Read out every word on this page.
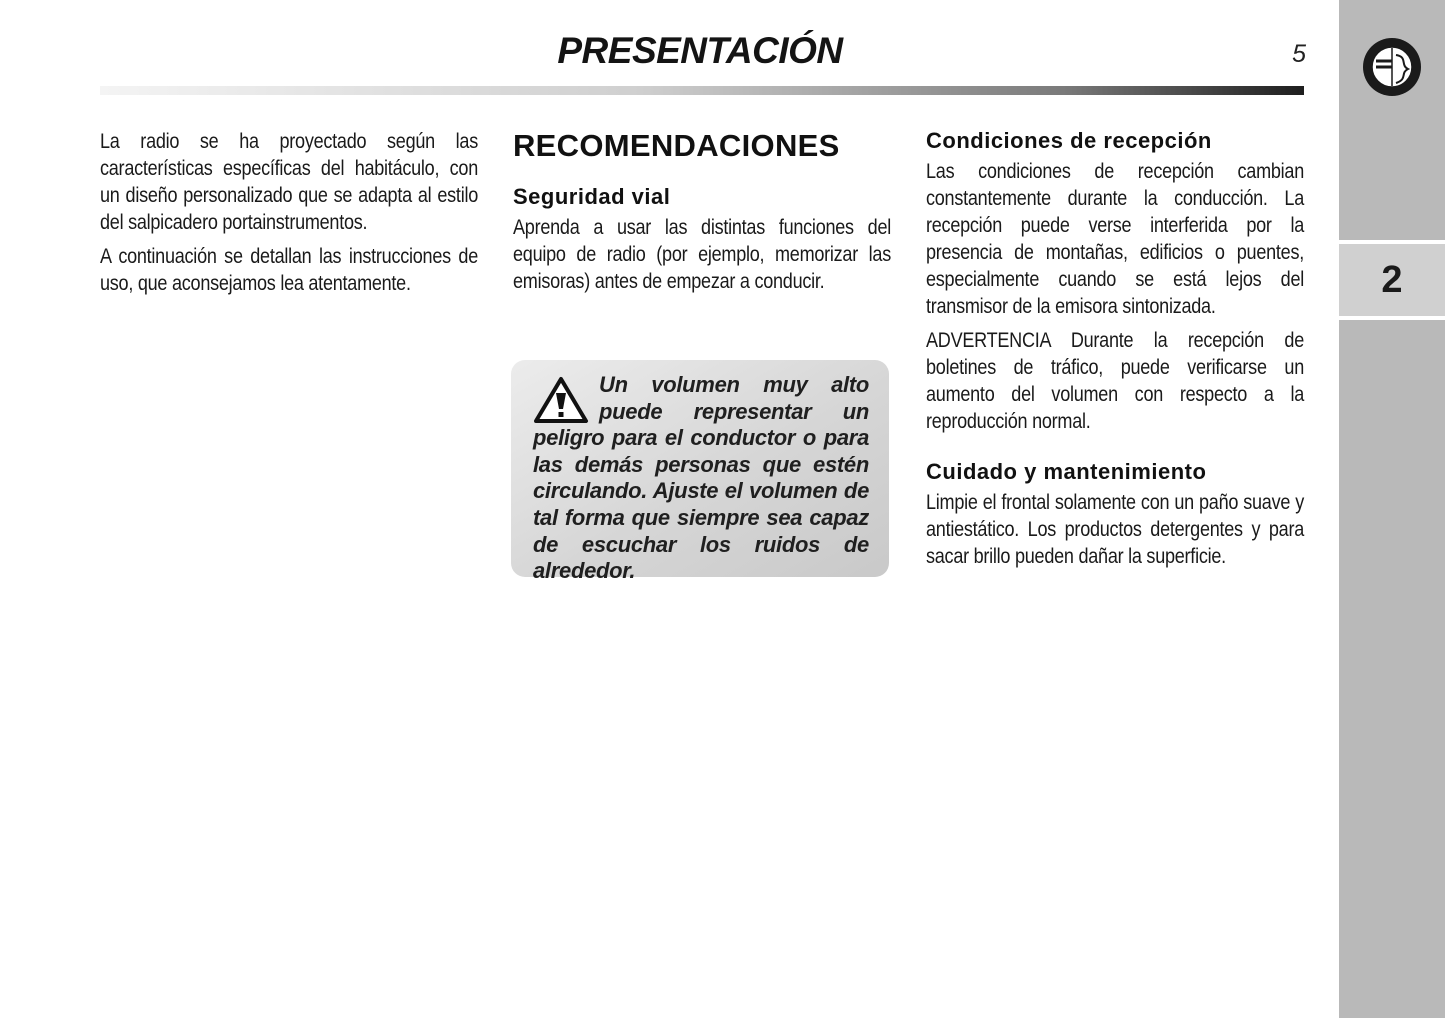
PRESENTACIÓN	5
2

La radio se ha proyectado según las características específicas del habitáculo, con un diseño personalizado que se adapta al estilo del salpicadero portainstrumentos.

A continuación se detallan las instrucciones de uso, que aconsejamos lea atentamente.

RECOMENDACIONES
Seguridad vial

Aprenda a usar las distintas funciones del equipo de radio (por ejemplo, memorizar las emisoras) antes de empezar a conducir.

Un volumen muy alto puede representar un peligro para el conductor o para las demás personas que estén circulando. Ajuste el volumen de tal forma que siempre sea capaz de escuchar los ruidos de alrededor.

Condiciones de recepción

Las condiciones de recepción cambian constantemente durante la conducción. La recepción puede verse interferida por la presencia de montañas, edificios o puentes, especialmente cuando se está lejos del transmisor de la emisora sintonizada.

ADVERTENCIA Durante la recepción de boletines de tráfico, puede verificarse un aumento del volumen con respecto a la reproducción normal.

Cuidado y mantenimiento

Limpie el frontal solamente con un paño suave y antiestático. Los productos detergentes y para sacar brillo pueden dañar la superficie.
